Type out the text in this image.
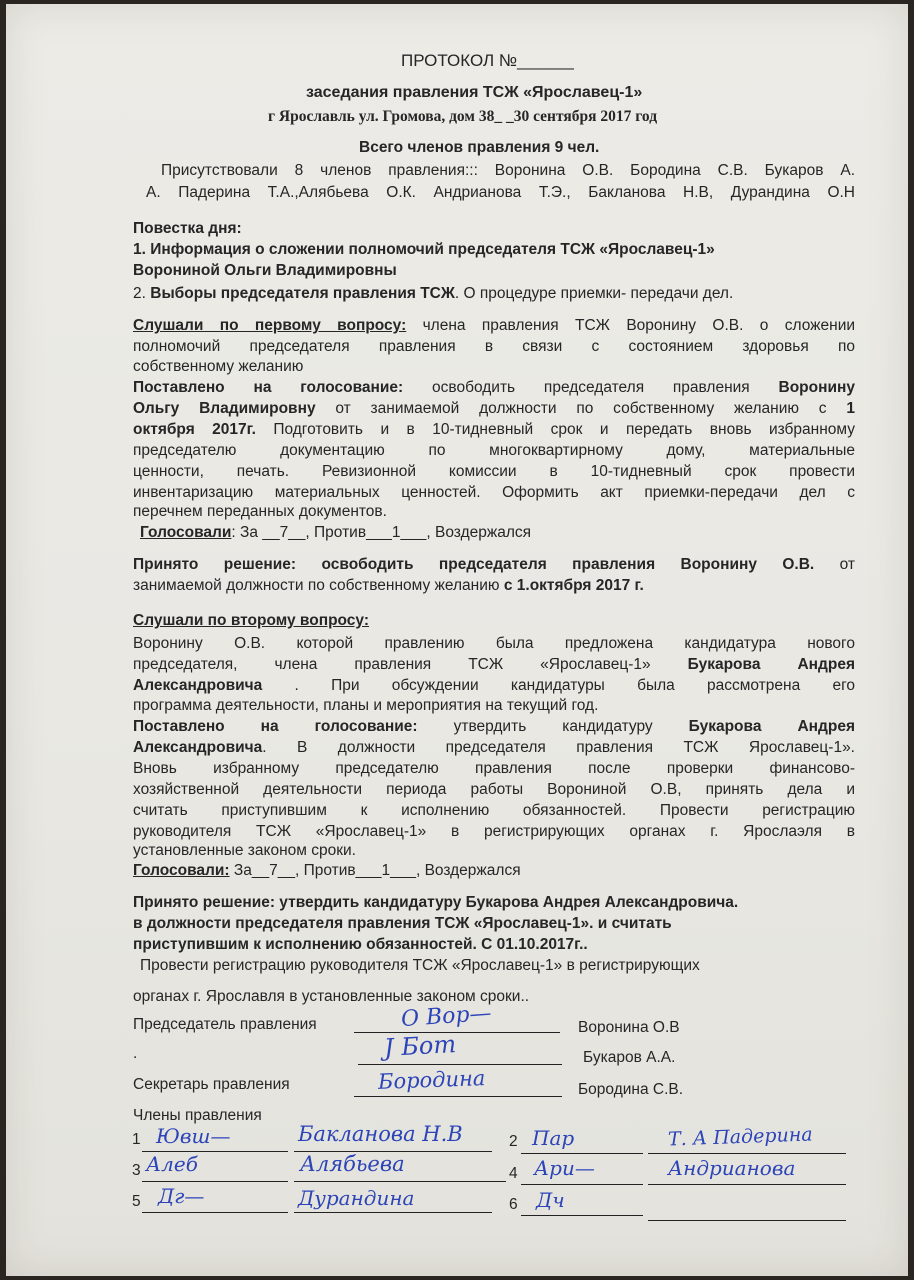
ПРОТОКОЛ №______
заседания правления ТСЖ «Ярославец-1»
г Ярославль ул. Громова, дом 38_ _30 сентября 2017 год
Всего членов правления 9 чел.
Присутствовали 8 членов правления::: Воронина О.В. Бородина С.В. Букаров А.
А. Падерина Т.А.,Алябьева О.К. Андрианова Т.Э., Бакланова Н.В, Дурандина О.Н
Повестка дня:
1. Информация о сложении полномочий председателя ТСЖ «Ярославец-1»
Ворониной Ольги Владимировны
2. Выборы председателя правления ТСЖ. О процедуре приемки- передачи дел.
Слушали по первому вопросу: члена правления ТСЖ Воронину О.В. о сложении
полномочий председателя правления в связи с состоянием здоровья по
собственному желанию
Поставлено на голосование: освободить председателя правления Воронину
Ольгу Владимировну от занимаемой должности по собственному желанию с 1
октября 2017г. Подготовить и в 10-тидневный срок и передать вновь избранному
председателю документацию по многоквартирному дому, материальные
ценности, печать. Ревизионной комиссии в 10-тидневный срок провести
инвентаризацию материальных ценностей. Оформить акт приемки-передачи дел с
перечнем переданных документов.
Голосовали: За __7__, Против___1___, Воздержался
Принято решение: освободить председателя правления Воронину О.В. от
занимаемой должности по собственному желанию с 1.октября 2017 г.
Слушали по второму вопросу:
Воронину О.В. которой правлению была предложена кандидатура нового
председателя, члена правления ТСЖ «Ярославец-1» Букарова Андрея
Александровича . При обсуждении кандидатуры была рассмотрена его
программа деятельности, планы и мероприятия на текущий год.
Поставлено на голосование: утвердить кандидатуру Букарова Андрея
Александровича. В должности председателя правления ТСЖ Ярославец-1».
Вновь избранному председателю правления после проверки финансово-
хозяйственной деятельности периода работы Ворониной О.В, принять дела и
считать приступившим к исполнению обязанностей. Провести регистрацию
руководителя ТСЖ «Ярославец-1» в регистрирующих органах г. Ярослаэля в
установленные законом сроки.
Голосовали: За__7__, Против___1___, Воздержался
Принято решение: утвердить кандидатуру Букарова Андрея Александровича.
в должности председателя правления ТСЖ «Ярославец-1». и считать
приступившим к исполнению обязанностей. С 01.10.2017г..
Провести регистрацию руководителя ТСЖ «Ярославец-1» в регистрирующих
органах г. Ярославля в установленные законом сроки..
Председатель правления	О Вор—	Воронина О.В
.	Ј Бот	Букаров А.А.
Секретарь правления	Бородина	Бородина С.В.
Члены правления
1 Ювш—	Бакланова Н.В	2 Пар	Т. А Падерина
3 Алеб	Алябьева	4 Ари—	Андрианова
5 Дг—	Дурандина	6 Дч
